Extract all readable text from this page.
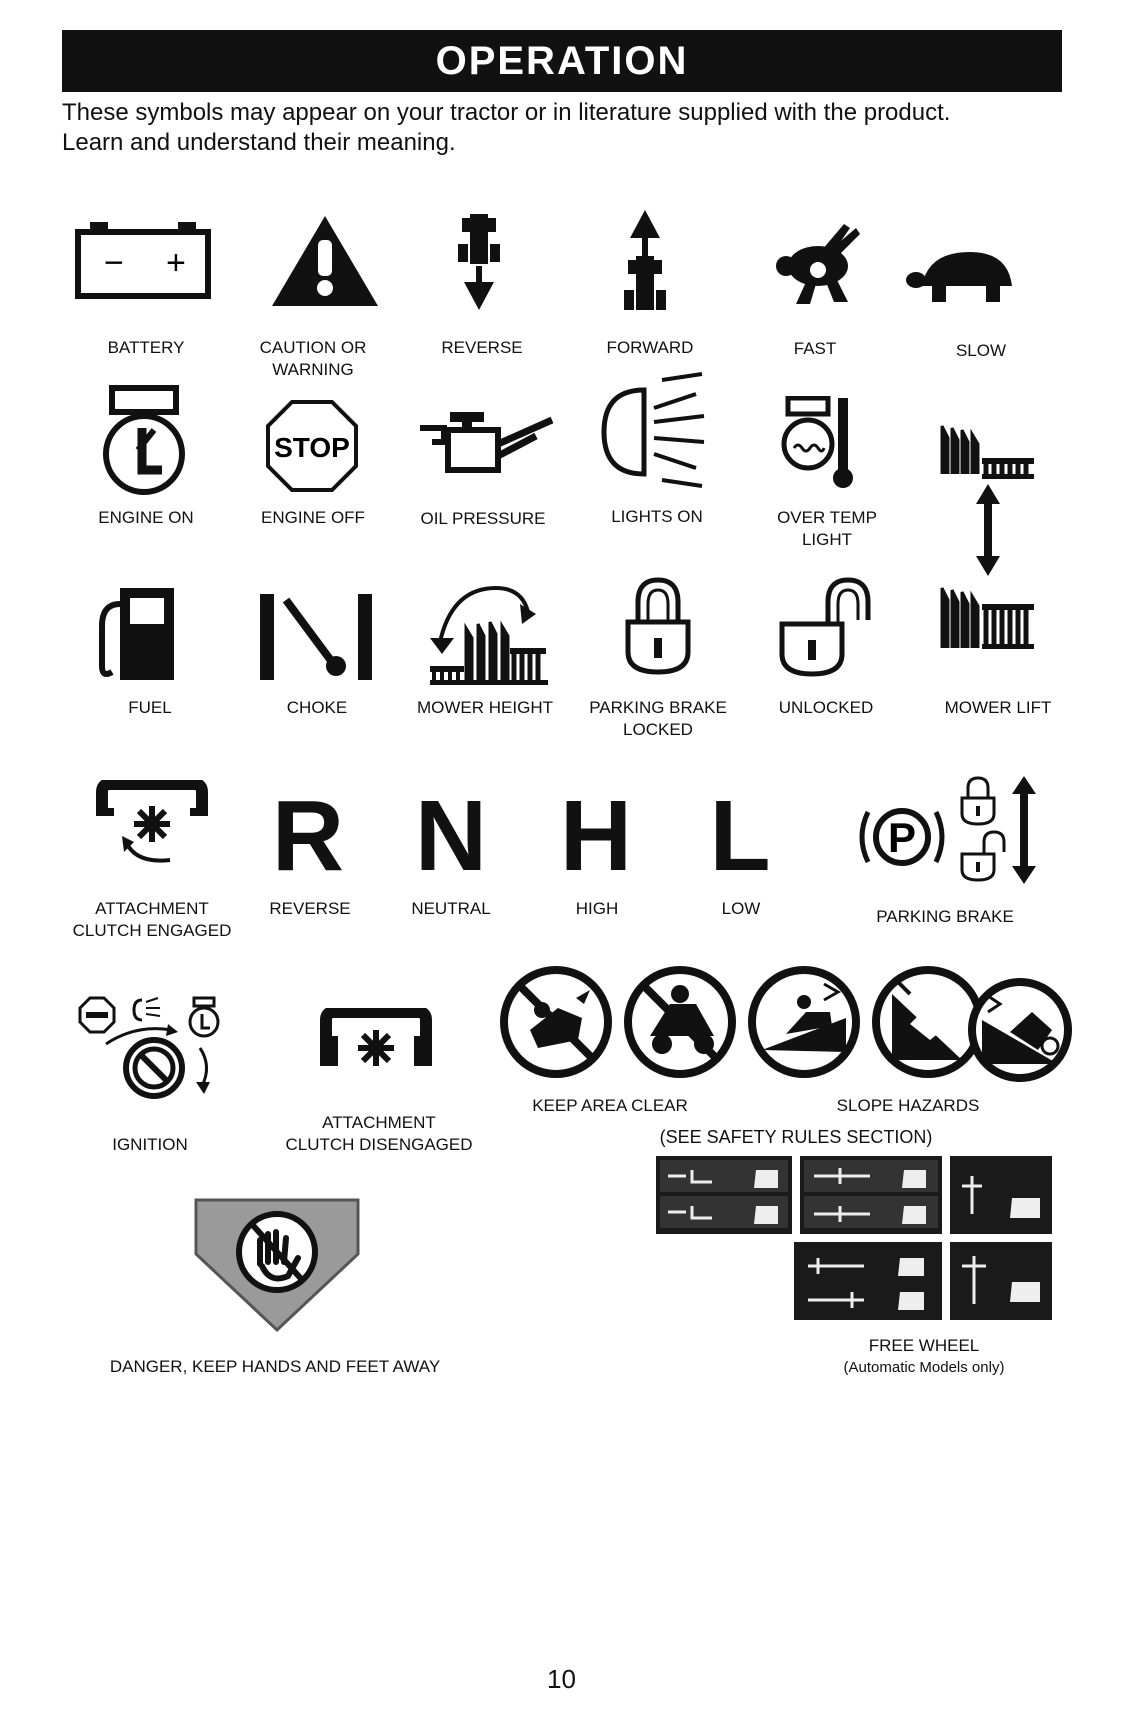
OPERATION
These symbols may appear on your tractor or in literature supplied with the product.
Learn and understand their meaning.
− +
BATTERY	CAUTION OR
WARNING
REVERSE	FORWARD	FAST	SLOW
ENGINE ON
STOP
ENGINE OFF	OIL PRESSURE	LIGHTS ON	OVER TEMP
LIGHT
FUEL	CHOKE	MOWER HEIGHT PARKING BRAKE
LOCKED
UNLOCKED	MOWER LIFT
ATTACHMENT
CLUTCH ENGAGED
R
REVERSE
N
NEUTRAL
H
HIGH
L
LOW
P
PARKING BRAKE
IGNITION
ATTACHMENT
CLUTCH DISENGAGED
KEEP AREA CLEAR	SLOPE HAZARDS
(SEE SAFETY RULES SECTION)
FREE WHEEL
(Automatic Models only)
DANGER, KEEP HANDS AND FEET AWAY
10
